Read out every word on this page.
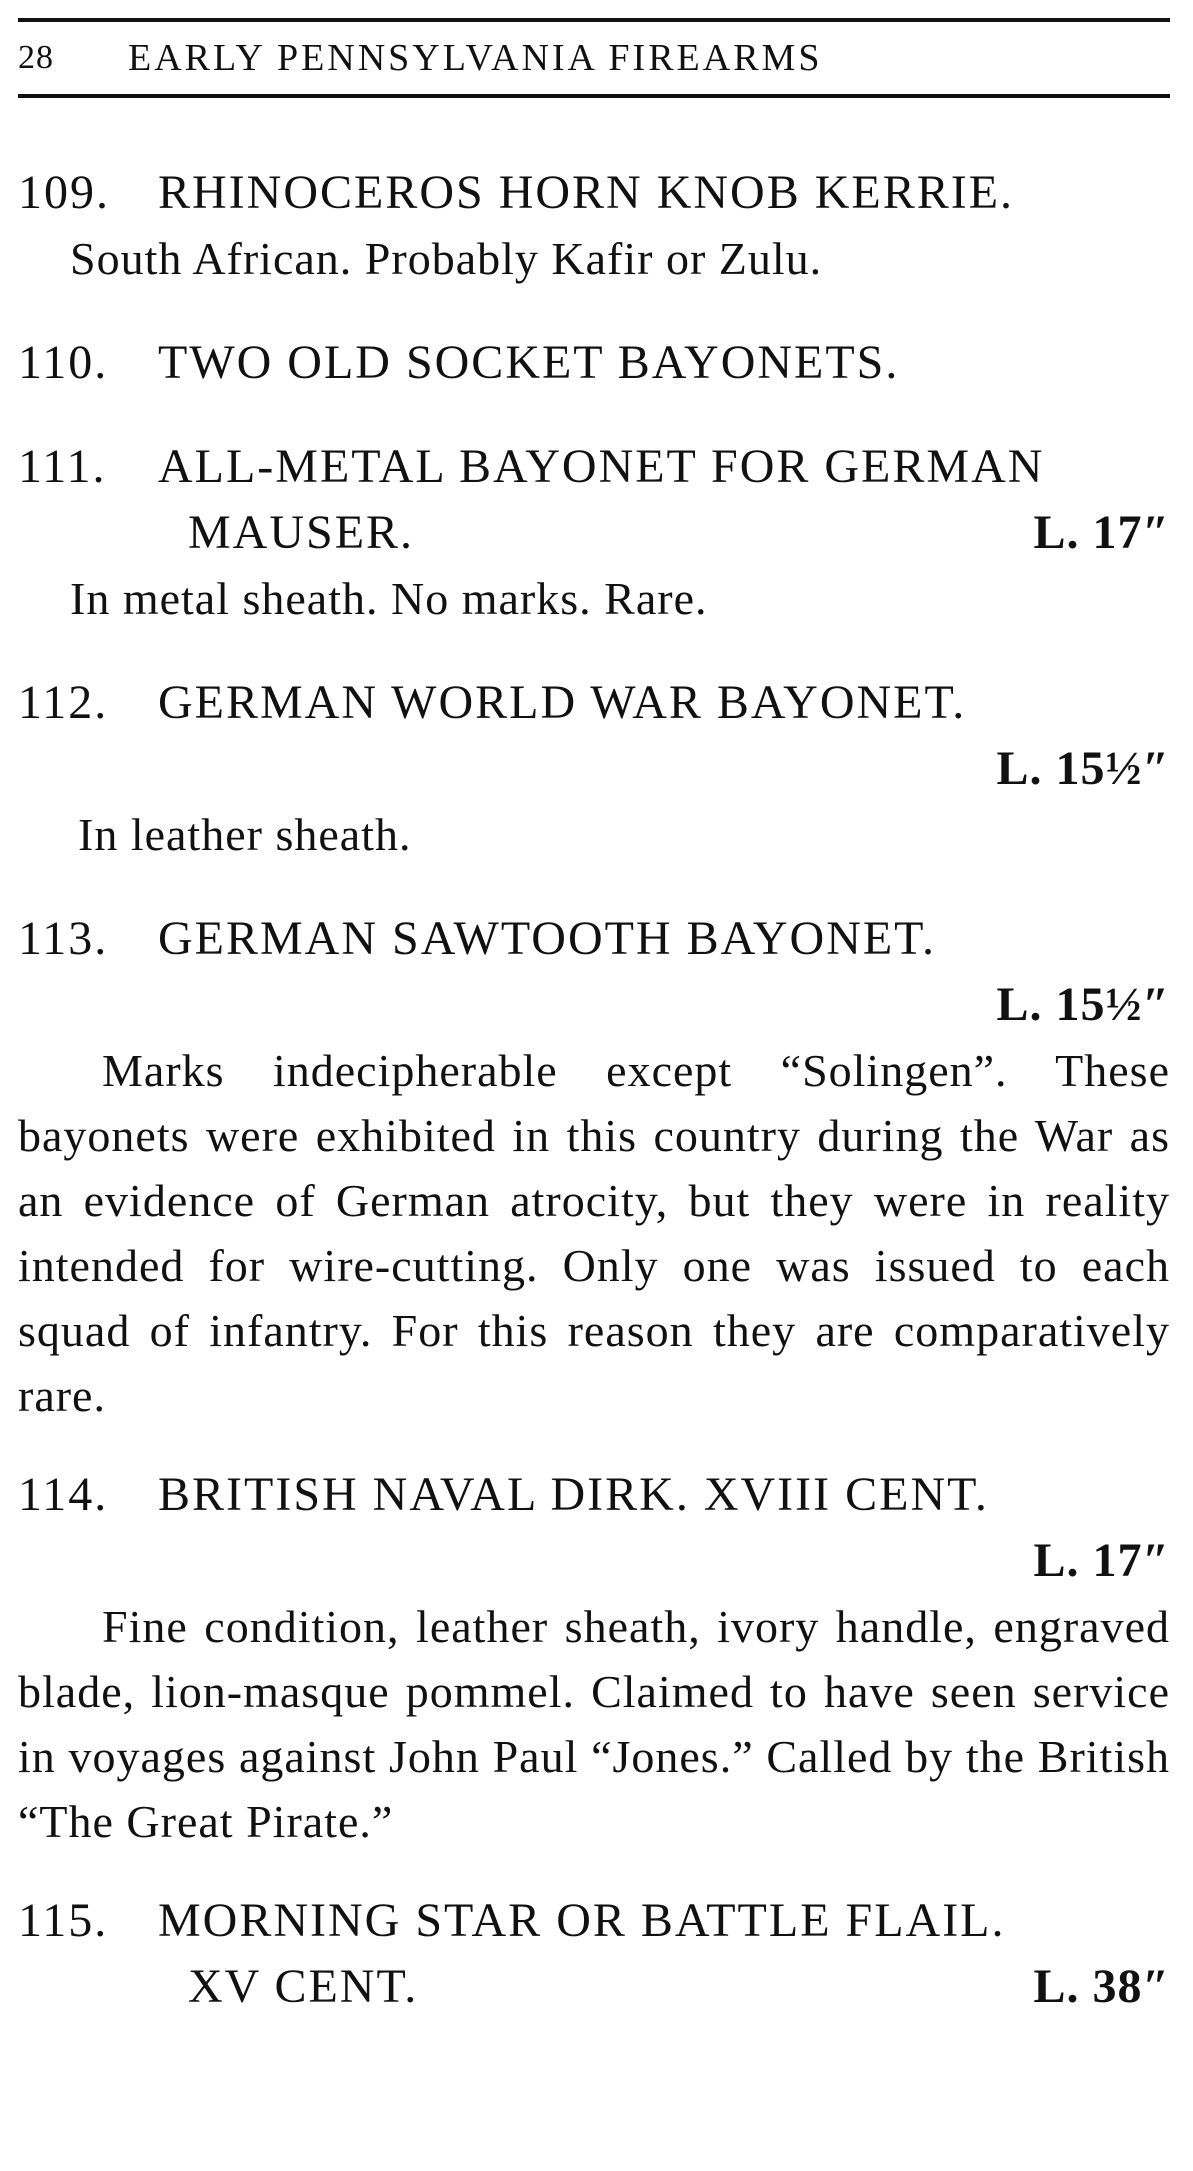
28	EARLY PENNSYLVANIA FIREARMS
109. RHINOCEROS HORN KNOB KERRIE.
South African. Probably Kafir or Zulu.
110. TWO OLD SOCKET BAYONETS.
111. ALL-METAL BAYONET FOR GERMAN
MAUSER.	L. 17″
In metal sheath. No marks. Rare.
112. GERMAN WORLD WAR BAYONET.
L. 15½″
In leather sheath.
113. GERMAN SAWTOOTH BAYONET.
L. 15½″

Marks indecipherable except “Solingen”. These bayonets were exhibited in this country during the War as an evidence of German atrocity, but they were in reality intended for wire-cutting. Only one was issued to each squad of infantry. For this reason they are comparatively rare.

114. BRITISH NAVAL DIRK. XVIII CENT.
L. 17″

Fine condition, leather sheath, ivory handle, engraved blade, lion-masque pommel. Claimed to have seen service in voyages against John Paul “Jones.” Called by the British “The Great Pirate.”

115. MORNING STAR OR BATTLE FLAIL.
XV CENT.	L. 38″
